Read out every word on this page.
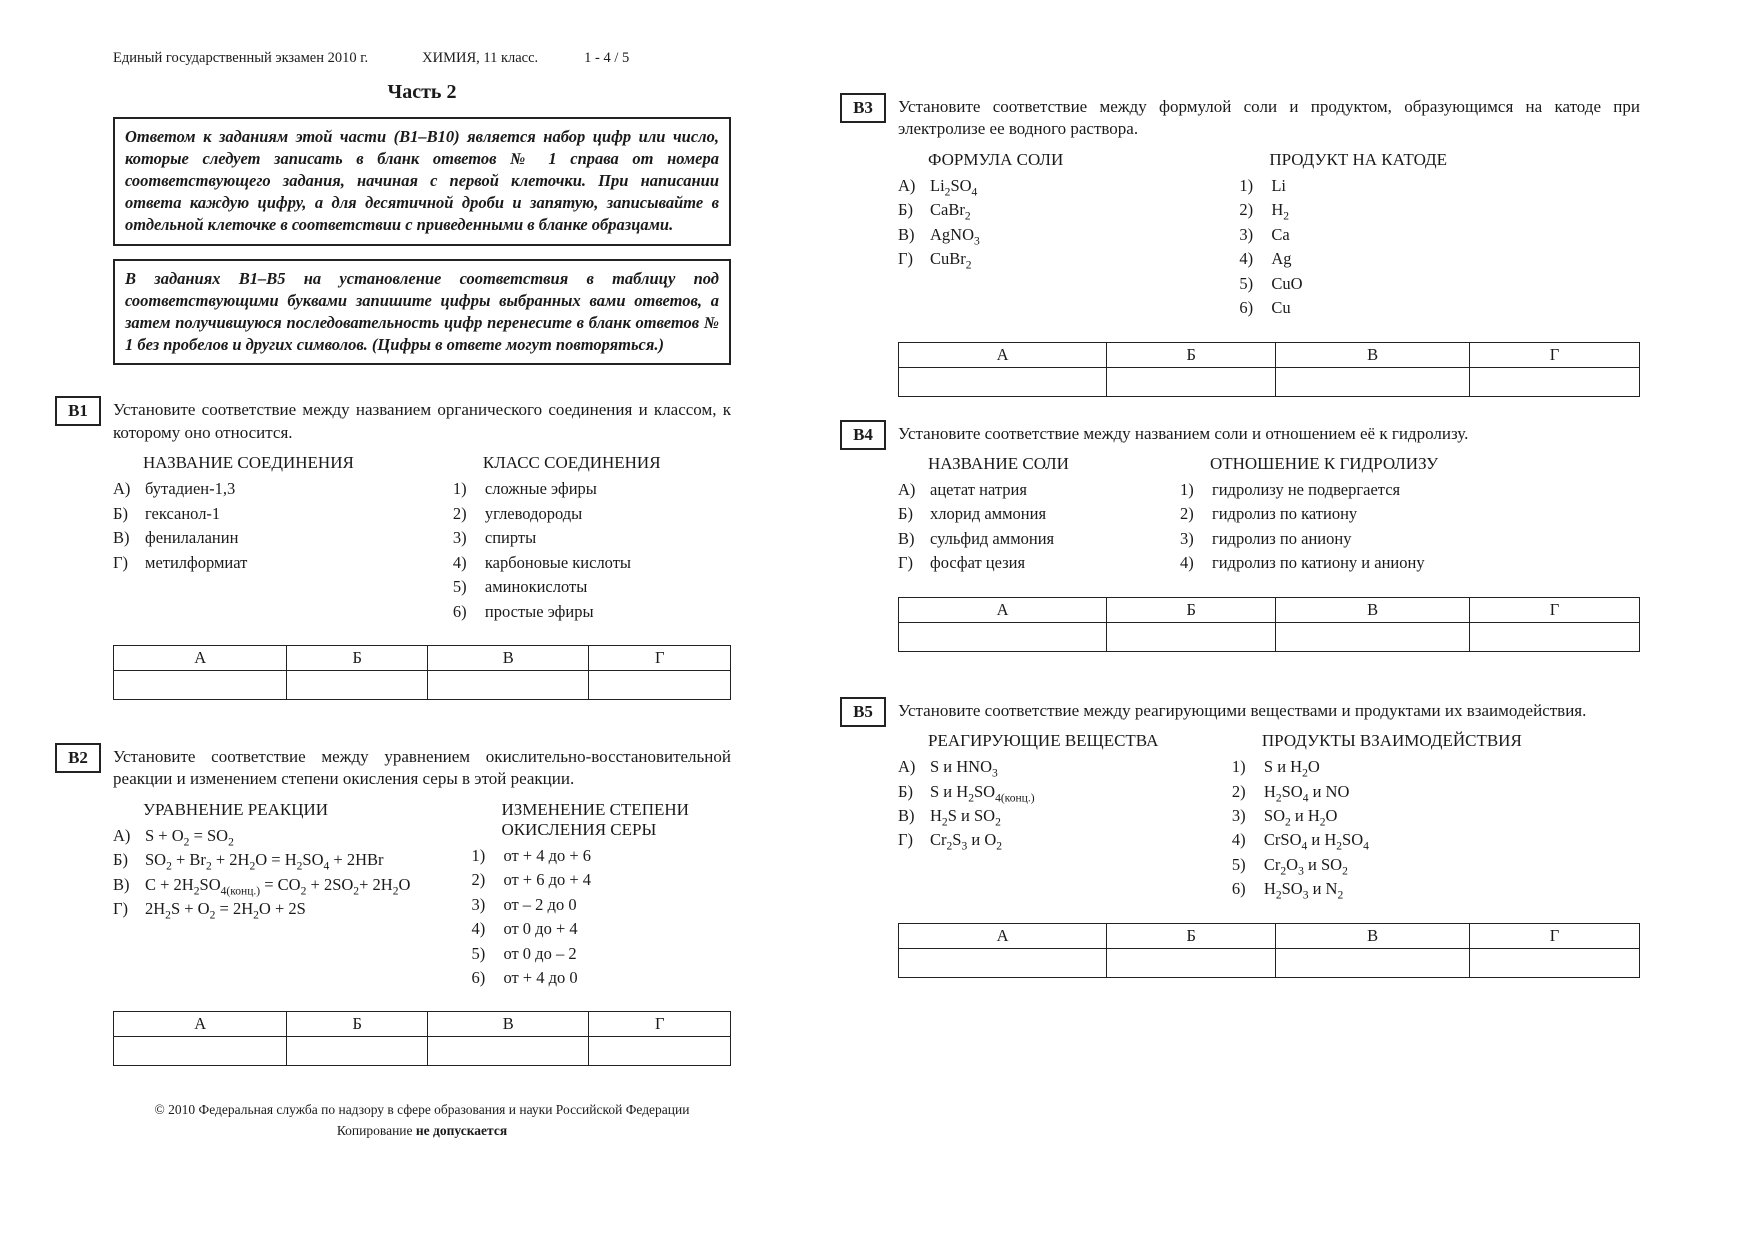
Единый государственный экзамен 2010 г.	ХИМИЯ, 11 класс.	1 - 4 / 5
Часть 2
Ответом к заданиям этой части (В1–В10) является набор цифр или число, которые следует записать в бланк ответов № 1 справа от номера соответствующего задания, начиная с первой клеточки. При написании ответа каждую цифру, а для десятичной дроби и запятую, записывайте в отдельной клеточке в соответствии с приведенными в бланке образцами.
В заданиях В1–В5 на установление соответствия в таблицу под соответствующими буквами запишите цифры выбранных вами ответов, а затем получившуюся последовательность цифр перенесите в бланк ответов № 1 без пробелов и других символов. (Цифры в ответе могут повторяться.)
В1	Установите соответствие между названием органического соединения и классом, к которому оно относится.
НАЗВАНИЕ СОЕДИНЕНИЯ
А) бутадиен-1,3
Б)	гексанол-1
В) фенилаланин
Г)	метилформиат
КЛАСС СОЕДИНЕНИЯ
1)	сложные эфиры
2)	углеводороды
3)	спирты
4)	карбоновые кислоты
5)	аминокислоты
6)	простые эфиры
А	Б	В	Г

В2	Установите соответствие между уравнением окислительно-восстановительной реакции и изменением степени окисления серы в этой реакции.
УРАВНЕНИЕ РЕАКЦИИ
А) $S + O_2 = SO_2$
Б)	$SO_2 + Br_2 + 2H_2O = H_2SO_4 + 2HBr$
В) $C + 2H_2SO_{4(конц.)} = CO_2 + 2SO_2+ 2H_2O$
Г)	$2H_2S + O_2 = 2H_2O + 2S$
ИЗМЕНЕНИЕ СТЕПЕНИ ОКИСЛЕНИЯ СЕРЫ
1)	от + 4 до + 6
2)	от + 6 до + 4
3)	от – 2 до 0
4)	от 0 до + 4
5)	от 0 до – 2
6)	от + 4 до 0
А	Б	В	Г

© 2010 Федеральная служба по надзору в сфере образования и науки Российской Федерации
Копирование не допускается
В3	Установите соответствие между формулой соли и продуктом, образующимся на катоде при электролизе ее водного раствора.
ФОРМУЛА СОЛИ
А) $Li_2SO_4$
Б)	CaBr$_2$
В) AgNO$_3$
Г)	CuBr$_2$
ПРОДУКТ НА КАТОДЕ
1)	Li
2)	$H_2$
3)	Ca
4)	Ag
5)	CuO
6)	Cu
А	Б	В	Г

В4	Установите соответствие между названием соли и отношением её к гидролизу.
НАЗВАНИЕ СОЛИ
А) ацетат натрия
Б)	хлорид аммония
В) сульфид аммония
Г)	фосфат цезия
ОТНОШЕНИЕ К ГИДРОЛИЗУ
1)	гидролизу не подвергается
2)	гидролиз по катиону
3)	гидролиз по аниону
4)	гидролиз по катиону и аниону
А	Б	В	Г

В5	Установите соответствие между реагирующими веществами и продуктами их взаимодействия.
РЕАГИРУЮЩИЕ ВЕЩЕСТВА
А) S и $HNO_3$
Б)	S и $H_2SO_{4(конц.)}$
В) $H_2S$ и $SO_2$
Г)	$Cr_2S_3$ и $O_2$
ПРОДУКТЫ ВЗАИМОДЕЙСТВИЯ
1)	S и $H_2O$
2)	$H_2SO_4$ и NO
3)	$SO_2$ и $H_2O$
4)	CrSO$_4$ и $H_2SO_4$
5)	$Cr_2O_3$ и $SO_2$
6)	$H_2SO_3$ и $N_2$
А	Б	В	Г
